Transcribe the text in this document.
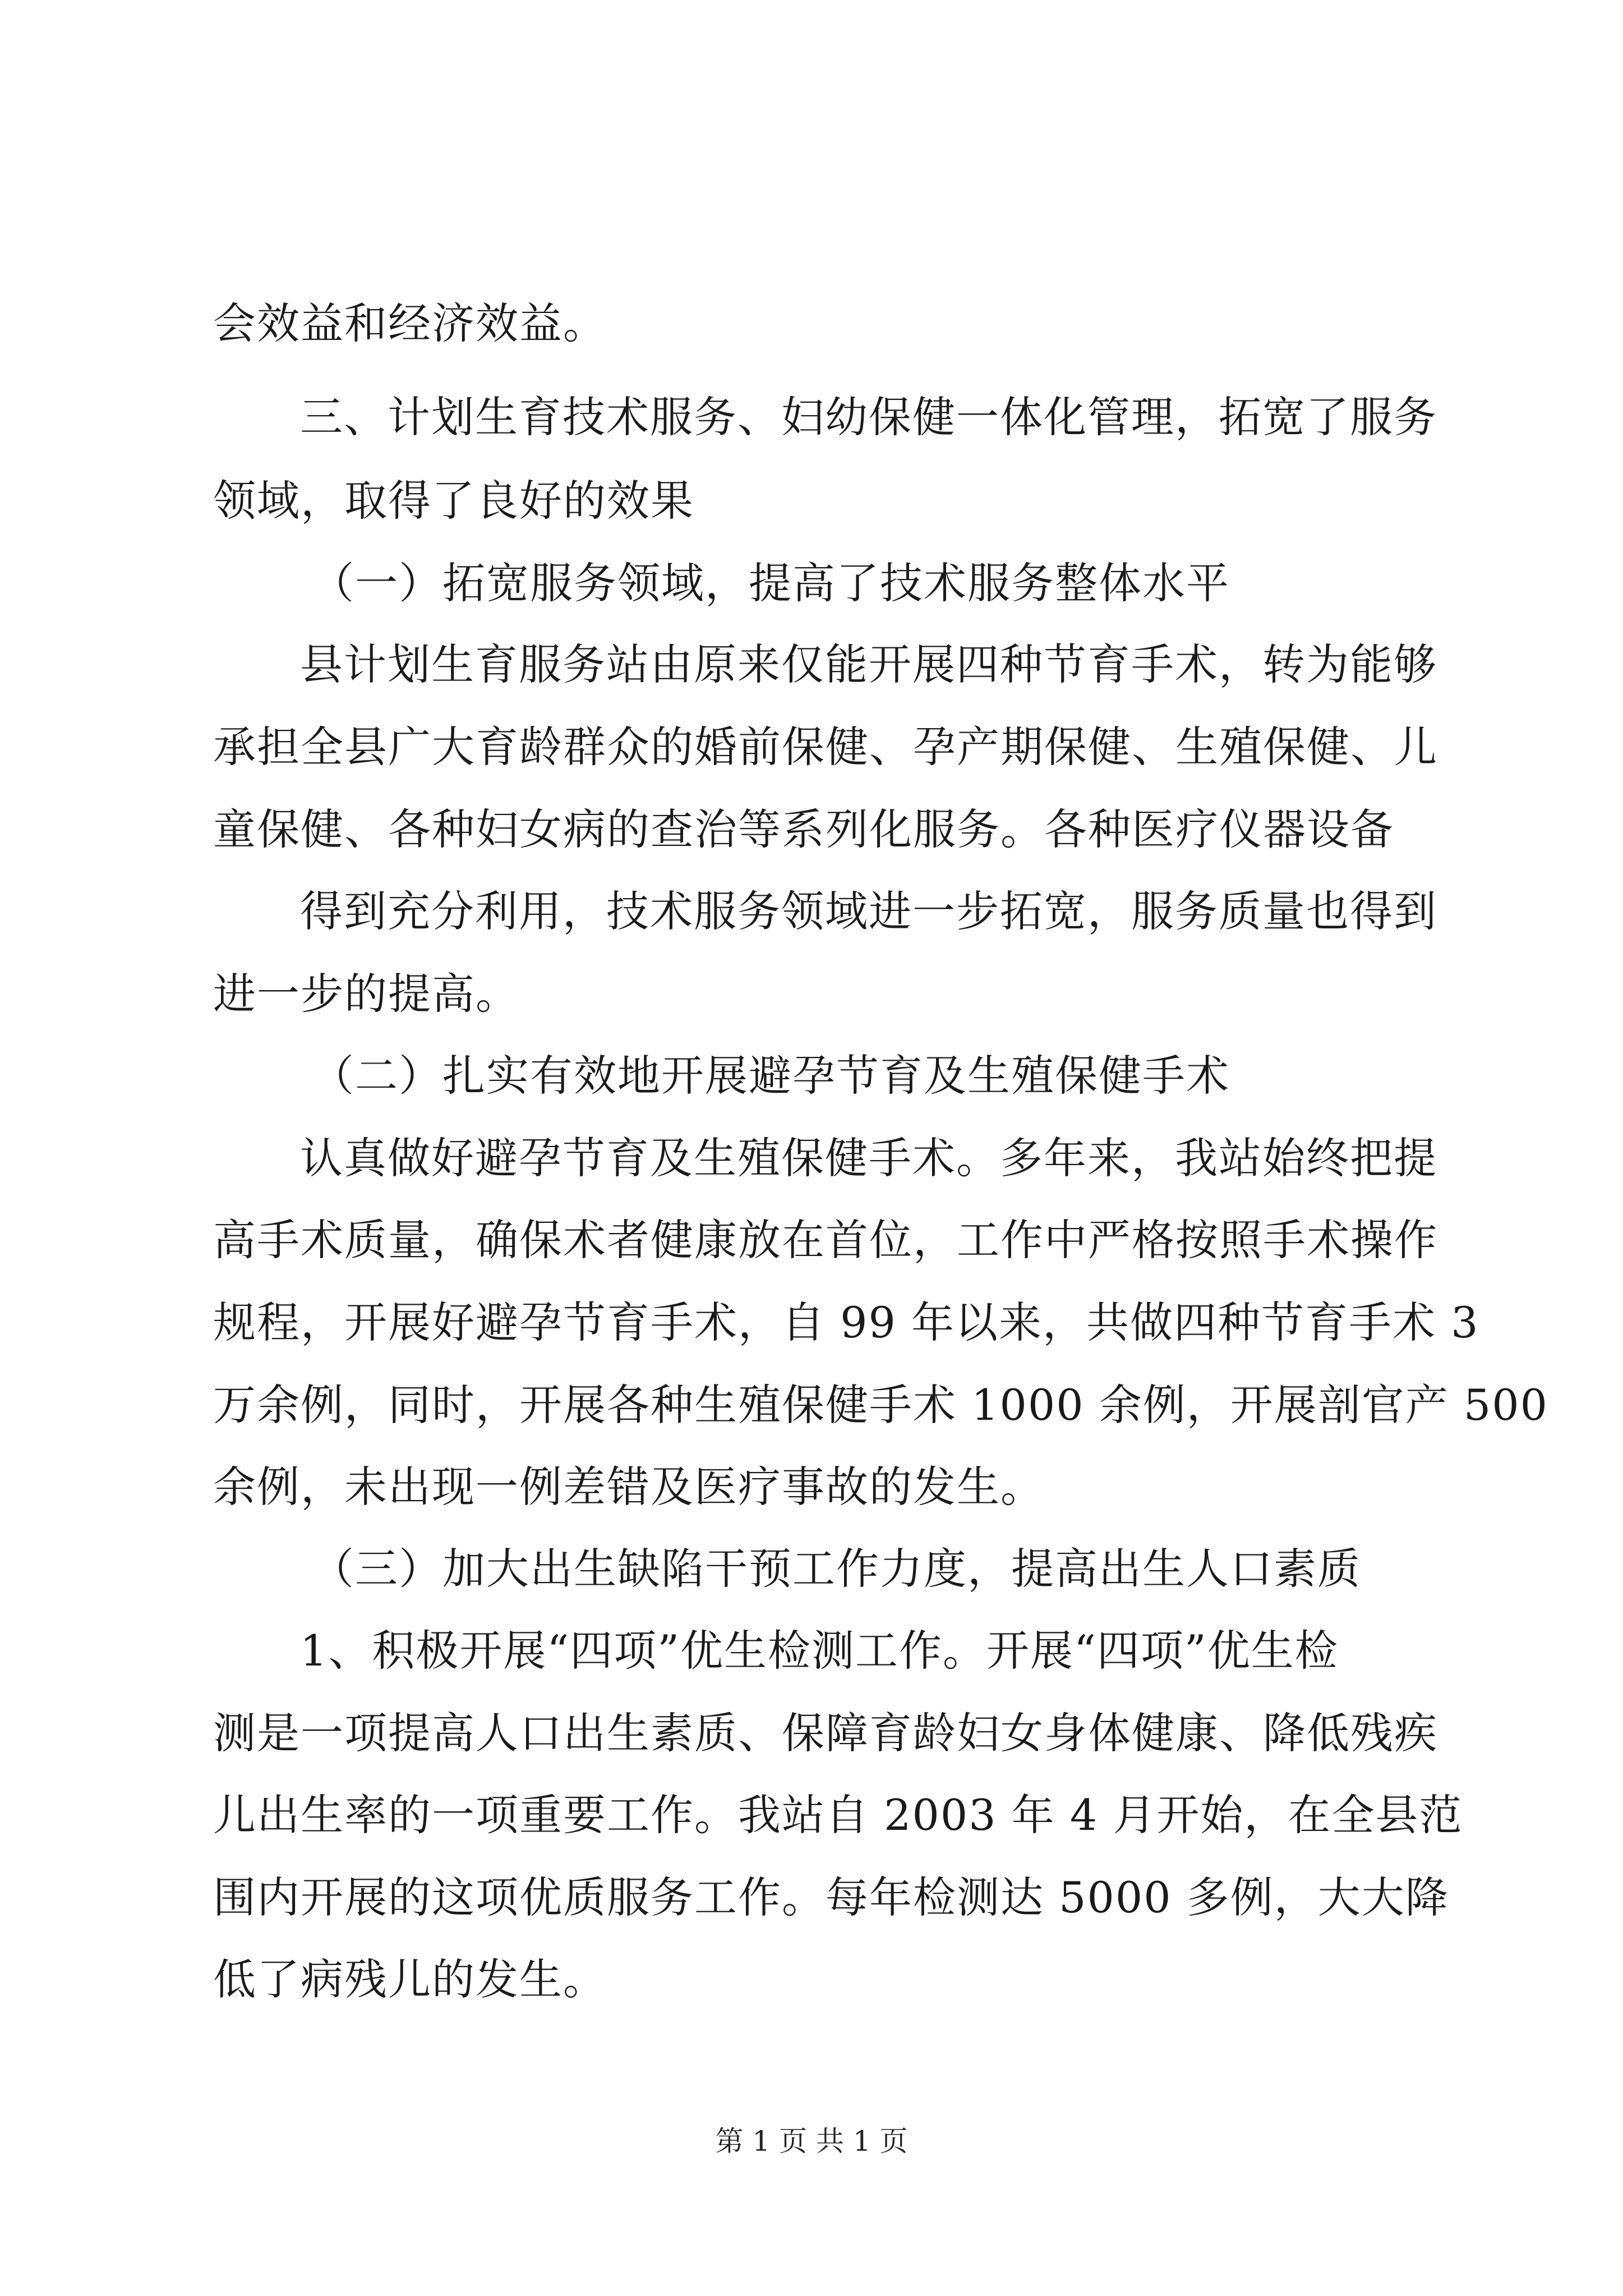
会效益和经济效益。
三、计划生育技术服务、妇幼保健一体化管理，拓宽了服务
领域，取得了良好的效果
（一）拓宽服务领域，提高了技术服务整体水平
县计划生育服务站由原来仅能开展四种节育手术，转为能够
承担全县广大育龄群众的婚前保健、孕产期保健、生殖保健、儿
童保健、各种妇女病的查治等系列化服务。各种医疗仪器设备
得到充分利用，技术服务领域进一步拓宽，服务质量也得到
进一步的提高。
（二）扎实有效地开展避孕节育及生殖保健手术
认真做好避孕节育及生殖保健手术。多年来，我站始终把提
高手术质量，确保术者健康放在首位，工作中严格按照手术操作
规程，开展好避孕节育手术，自 99 年以来，共做四种节育手术 3
万余例，同时，开展各种生殖保健手术 1000 余例，开展剖官产 500
余例，未出现一例差错及医疗事故的发生。
（三）加大出生缺陷干预工作力度，提高出生人口素质
1、积极开展“四项”优生检测工作。开展“四项”优生检
测是一项提高人口出生素质、保障育龄妇女身体健康、降低残疾
儿出生率的一项重要工作。我站自 2003 年 4 月开始，在全县范
围内开展的这项优质服务工作。每年检测达 5000 多例，大大降
低了病残儿的发生。
第 1 页 共 1 页
